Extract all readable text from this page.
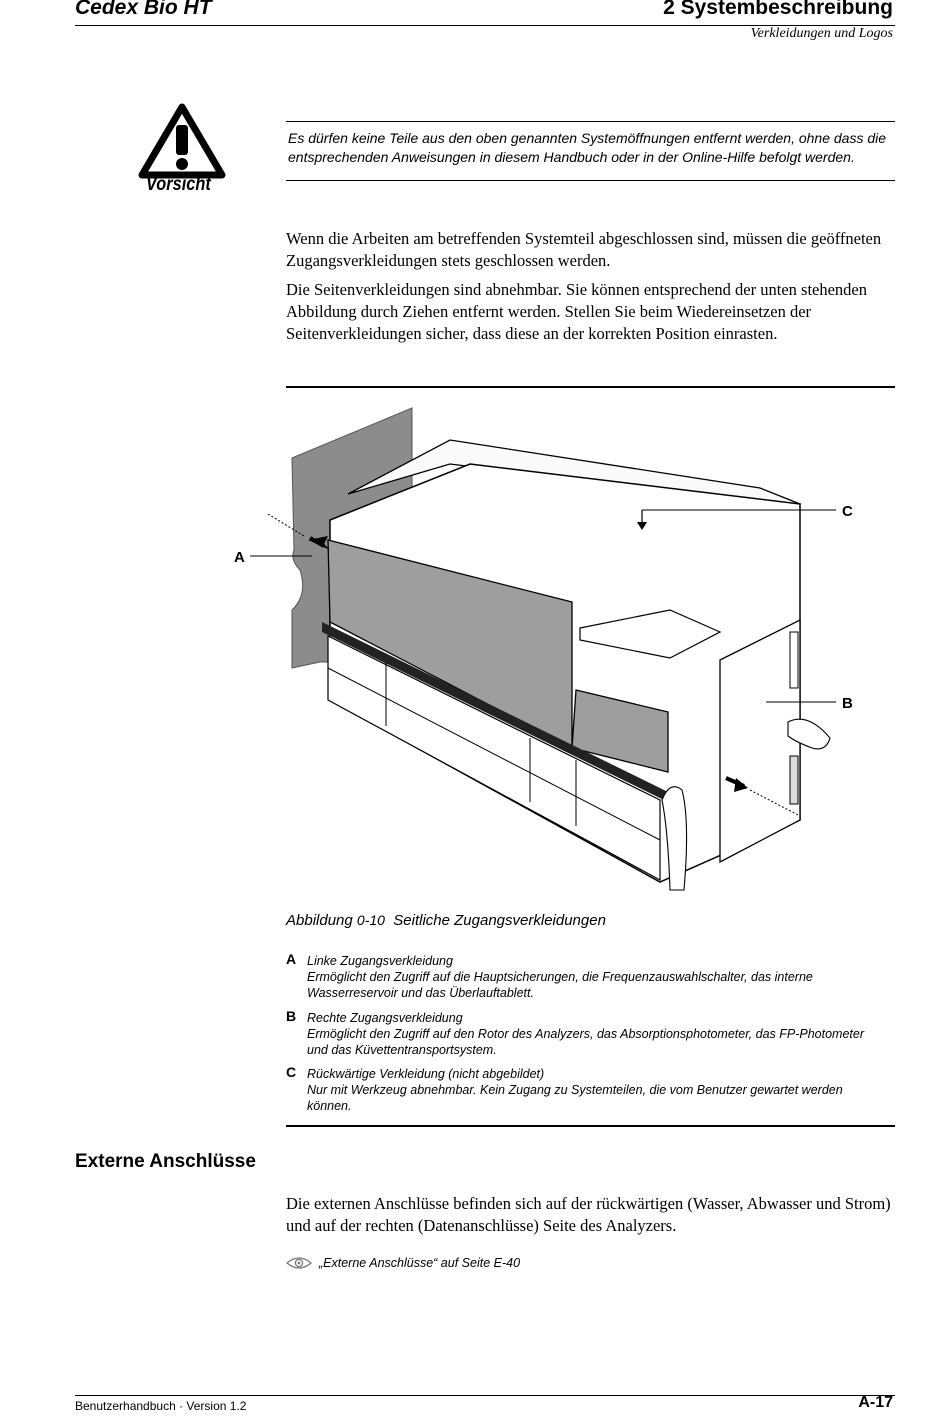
Cedex Bio HT	2 Systembeschreibung
Verkleidungen und Logos
Vorsicht
Es dürfen keine Teile aus den oben genannten Systemöffnungen entfernt werden, ohne dass die entsprechenden Anweisungen in diesem Handbuch oder in der Online-Hilfe befolgt werden.
Wenn die Arbeiten am betreffenden Systemteil abgeschlossen sind, müssen die geöffneten Zugangsverkleidungen stets geschlossen werden.
Die Seitenverkleidungen sind abnehmbar. Sie können entsprechend der unten stehenden Abbildung durch Ziehen entfernt werden. Stellen Sie beim Wiedereinsetzen der Seitenverkleidungen sicher, dass diese an der korrekten Position einrasten.
A
C
B
Abbildung 0-10 Seitliche Zugangsverkleidungen
A Linke Zugangsverkleidung
Ermöglicht den Zugriff auf die Hauptsicherungen, die Frequenzauswahlschalter, das interne Wasserreservoir und das Überlauftablett.
B Rechte Zugangsverkleidung
Ermöglicht den Zugriff auf den Rotor des Analyzers, das Absorptionsphotometer, das FP-Photometer und das Küvettentransportsystem.
C Rückwärtige Verkleidung (nicht abgebildet)
Nur mit Werkzeug abnehmbar. Kein Zugang zu Systemteilen, die vom Benutzer gewartet werden können.
Externe Anschlüsse
Die externen Anschlüsse befinden sich auf der rückwärtigen (Wasser, Abwasser und Strom) und auf der rechten (Datenanschlüsse) Seite des Analyzers.
„Externe Anschlüsse“ auf Seite E-40
Benutzerhandbuch · Version 1.2	A-17
